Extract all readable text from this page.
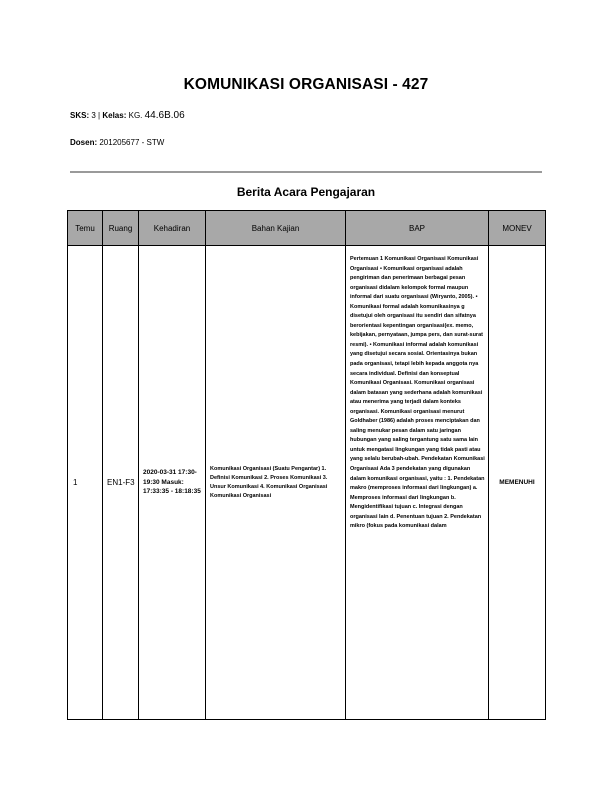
KOMUNIKASI ORGANISASI - 427
SKS: 3 | Kelas: KG. 44.6B.06
Dosen: 201205677 - STW
Berita Acara Pengajaran
Temu	Ruang	Kehadiran	Bahan Kajian	BAP	MONEV
1	EN1-F3	2020-03-31 17:30-19:30 Masuk: 17:33:35 - 18:18:35	Komunikasi Organisasi (Suatu Pengantar) 1. Definisi Komunikasi 2. Proses Komunikasi 3. Unsur Komunikasi 4. Komunikasi Organisasi Komunikasi Organisasi	Pertemuan 1 Komunikasi Organisasi Komunikasi Organisasi • Komunikasi organisasi adalah pengiriman dan penerimaan berbagai pesan organisasi didalam kelompok formal maupun informal dari suatu organisasi (Wiryanto, 2005). • Komunikasi formal adalah komunikasinya g disetujui oleh organisasi itu sendiri dan sifatnya berorientasi kepentingan organisasi(ex. memo, kebijakan, pernyataan, jumpa pers, dan surat-surat resmi). • Komunikasi informal adalah komunikasi yang disetujui secara sosial. Orientasinya bukan pada organisasi, tetapi lebih kepada anggota nya secara individual. Definisi dan konseptual Komunikasi Organisasi. Komunikasi organisasi dalam batasan yang sederhana adalah komunikasi atau menerima yang terjadi dalam konteks organisasi. Komunikasi organisasi menurut Goldhaber (1986) adalah proses menciptakan dan saling menukar pesan dalam satu jaringan hubungan yang saling tergantung satu sama lain untuk mengatasi lingkungan yang tidak pasti atau yang selalu berubah-ubah. Pendekatan Komunikasi Organisasi Ada 3 pendekatan yang digunakan dalam komunikasi organisasi, yaitu : 1. Pendekatan makro (memproses informasi dari lingkungan) a. Memproses informasi dari lingkungan b. Mengidentifikasi tujuan c. Integrasi dengan organisasi lain d. Penentuan tujuan 2. Pendekatan mikro (fokus pada komunikasi dalam	MEMENUHI
